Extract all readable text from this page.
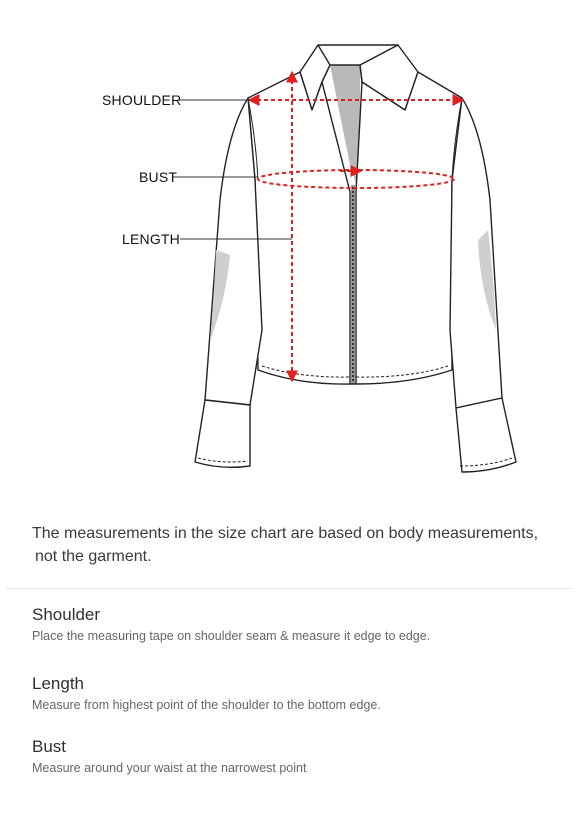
SHOULDER
BUST
LENGTH
The measurements in the size chart are based on body measurements,
not the garment.

Shoulder

Place the measuring tape on shoulder seam & measure it edge to edge.

Length

Measure from highest point of the shoulder to the bottom edge.

Bust

Measure around your waist at the narrowest point
